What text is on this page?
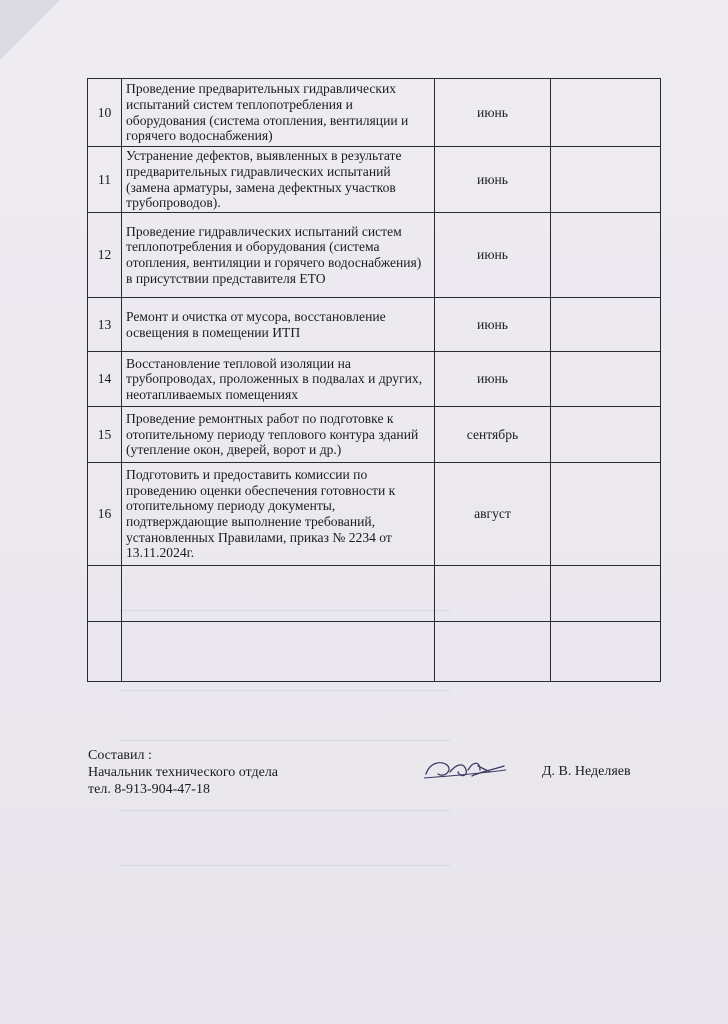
10	Проведение предварительных гидравлических испытаний систем теплопотребления и оборудования (система отопления, вентиляции и горячего водоснабжения)	июнь	
11	Устранение дефектов, выявленных в результате предварительных гидравлических испытаний (замена арматуры, замена дефектных участков трубопроводов).	июнь	
12	Проведение гидравлических испытаний систем теплопотребления и оборудования (система отопления, вентиляции и горячего водоснабжения) в присутствии представителя ЕТО	июнь	
13	Ремонт и очистка от мусора, восстановление освещения в помещении ИТП	июнь	
14	Восстановление тепловой изоляции на трубопроводах, проложенных в подвалах и других, неотапливаемых помещениях	июнь	
15	Проведение ремонтных работ по подготовке к отопительному периоду теплового контура зданий (утепление окон, дверей, ворот и др.)	сентябрь	
16	Подготовить и предоставить комиссии по проведению оценки обеспечения готовности к отопительному периоду документы, подтверждающие выполнение требований, установленных Правилами, приказ № 2234 от 13.11.2024г.	август	

Составил :
Начальник технического отдела
тел. 8-913-904-47-18
Д. В. Неделяев
